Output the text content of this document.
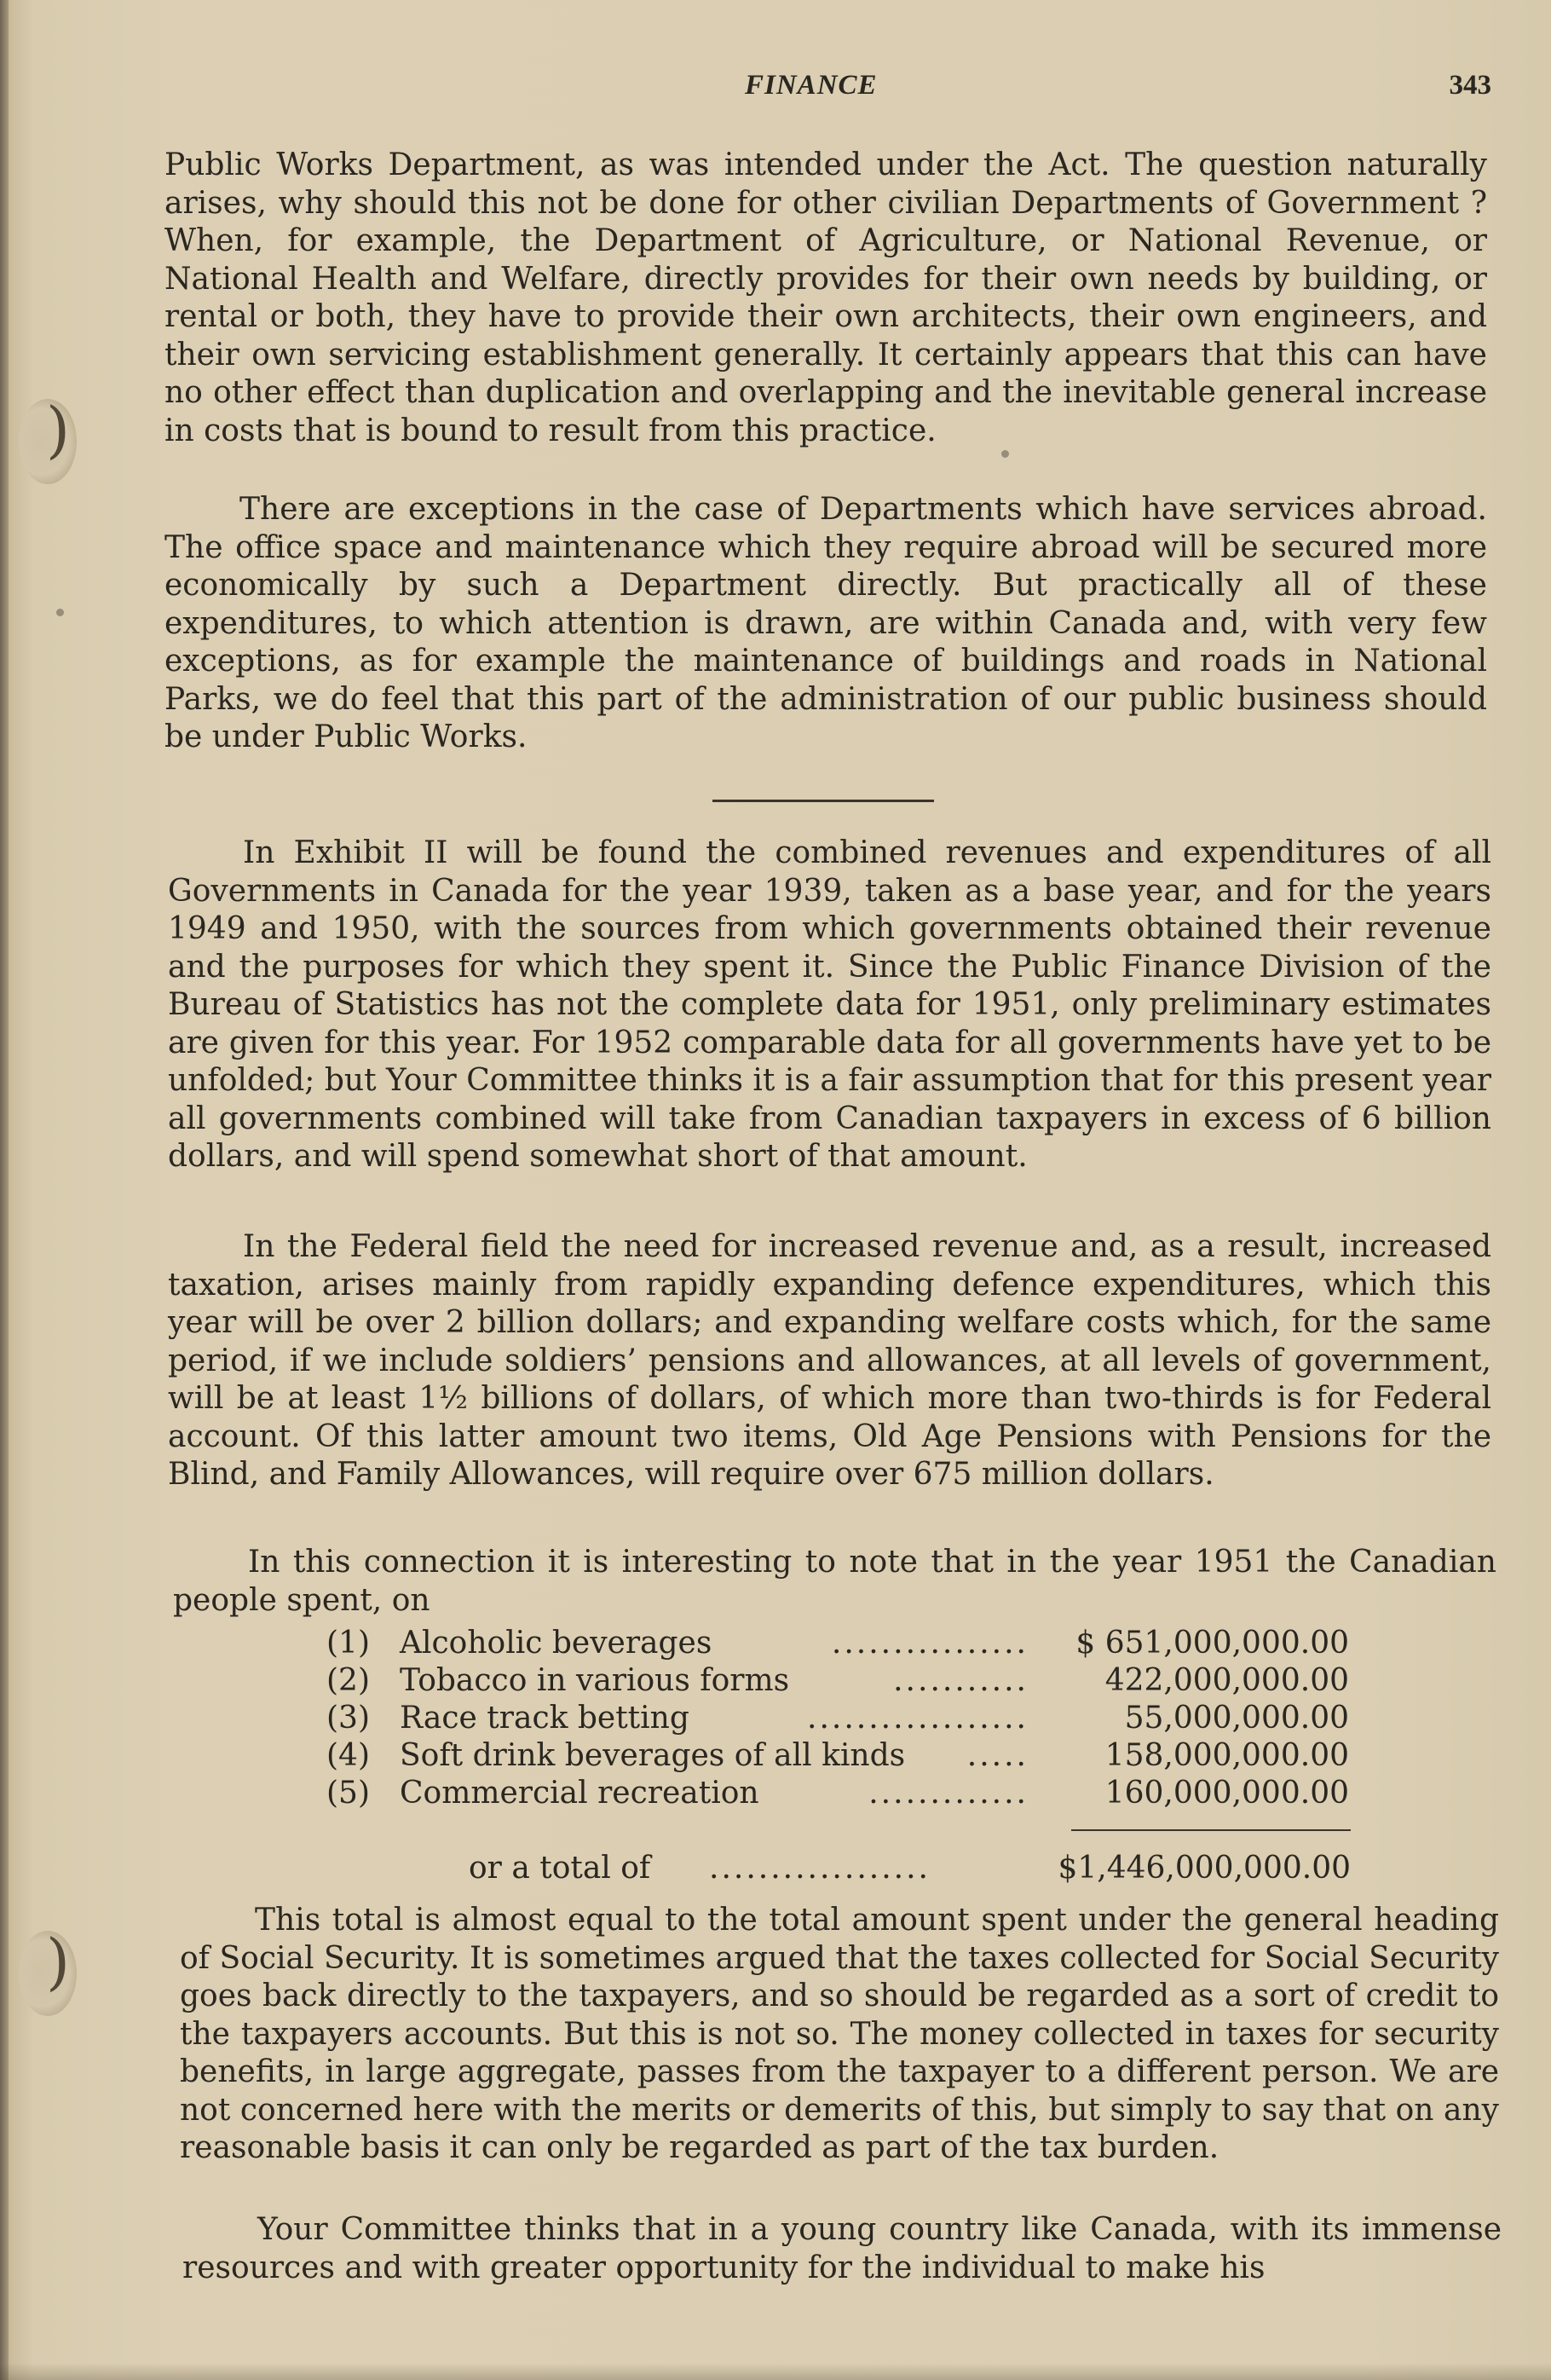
)
)
FINANCE	343

Public Works Department, as was intended under the Act. The question naturally arises, why should this not be done for other civilian Departments of Government ? When, for example, the Department of Agriculture, or National Revenue, or National Health and Welfare, directly provides for their own needs by building, or rental or both, they have to provide their own architects, their own engineers, and their own servicing establishment generally. It certainly appears that this can have no other effect than duplication and overlapping and the inevitable general increase in costs that is bound to result from this practice.

There are exceptions in the case of Departments which have services abroad. The office space and maintenance which they require abroad will be secured more economically by such a Department directly. But practically all of these expenditures, to which attention is drawn, are within Canada and, with very few exceptions, as for example the maintenance of buildings and roads in National Parks, we do feel that this part of the administration of our public business should be under Public Works.

In Exhibit II will be found the combined revenues and expenditures of all Governments in Canada for the year 1939, taken as a base year, and for the years 1949 and 1950, with the sources from which governments obtained their revenue and the purposes for which they spent it. Since the Public Finance Division of the Bureau of Statistics has not the complete data for 1951, only preliminary estimates are given for this year. For 1952 comparable data for all governments have yet to be unfolded; but Your Committee thinks it is a fair assumption that for this present year all governments combined will take from Canadian taxpayers in excess of 6 billion dollars, and will spend somewhat short of that amount.

In the Federal field the need for increased revenue and, as a result, increased taxation, arises mainly from rapidly expanding defence expenditures, which this year will be over 2 billion dollars; and expanding welfare costs which, for the same period, if we include soldiers’ pensions and allowances, at all levels of government, will be at least 1½ billions of dollars, of which more than two-thirds is for Federal account. Of this latter amount two items, Old Age Pensions with Pensions for the Blind, and Family Allowances, will require over 675 million dollars.

In this connection it is interesting to note that in the year 1951 the Canadian people spent, on

(1) Alcoholic beverages	................ $ 651,000,000.00
(2) Tobacco in various forms	........... 422,000,000.00
(3) Race track betting	..................	55,000,000.00
(4) Soft drink beverages of all kinds ..... 158,000,000.00
(5) Commercial recreation	............. 160,000,000.00
or a total of ..................	$1,446,000,000.00

This total is almost equal to the total amount spent under the general heading of Social Security. It is sometimes argued that the taxes collected for Social Security goes back directly to the taxpayers, and so should be regarded as a sort of credit to the taxpayers accounts. But this is not so. The money collected in taxes for security benefits, in large aggregate, passes from the taxpayer to a different person. We are not concerned here with the merits or demerits of this, but simply to say that on any reasonable basis it can only be regarded as part of the tax burden.

Your Committee thinks that in a young country like Canada, with its immense resources and with greater opportunity for the individual to make his
